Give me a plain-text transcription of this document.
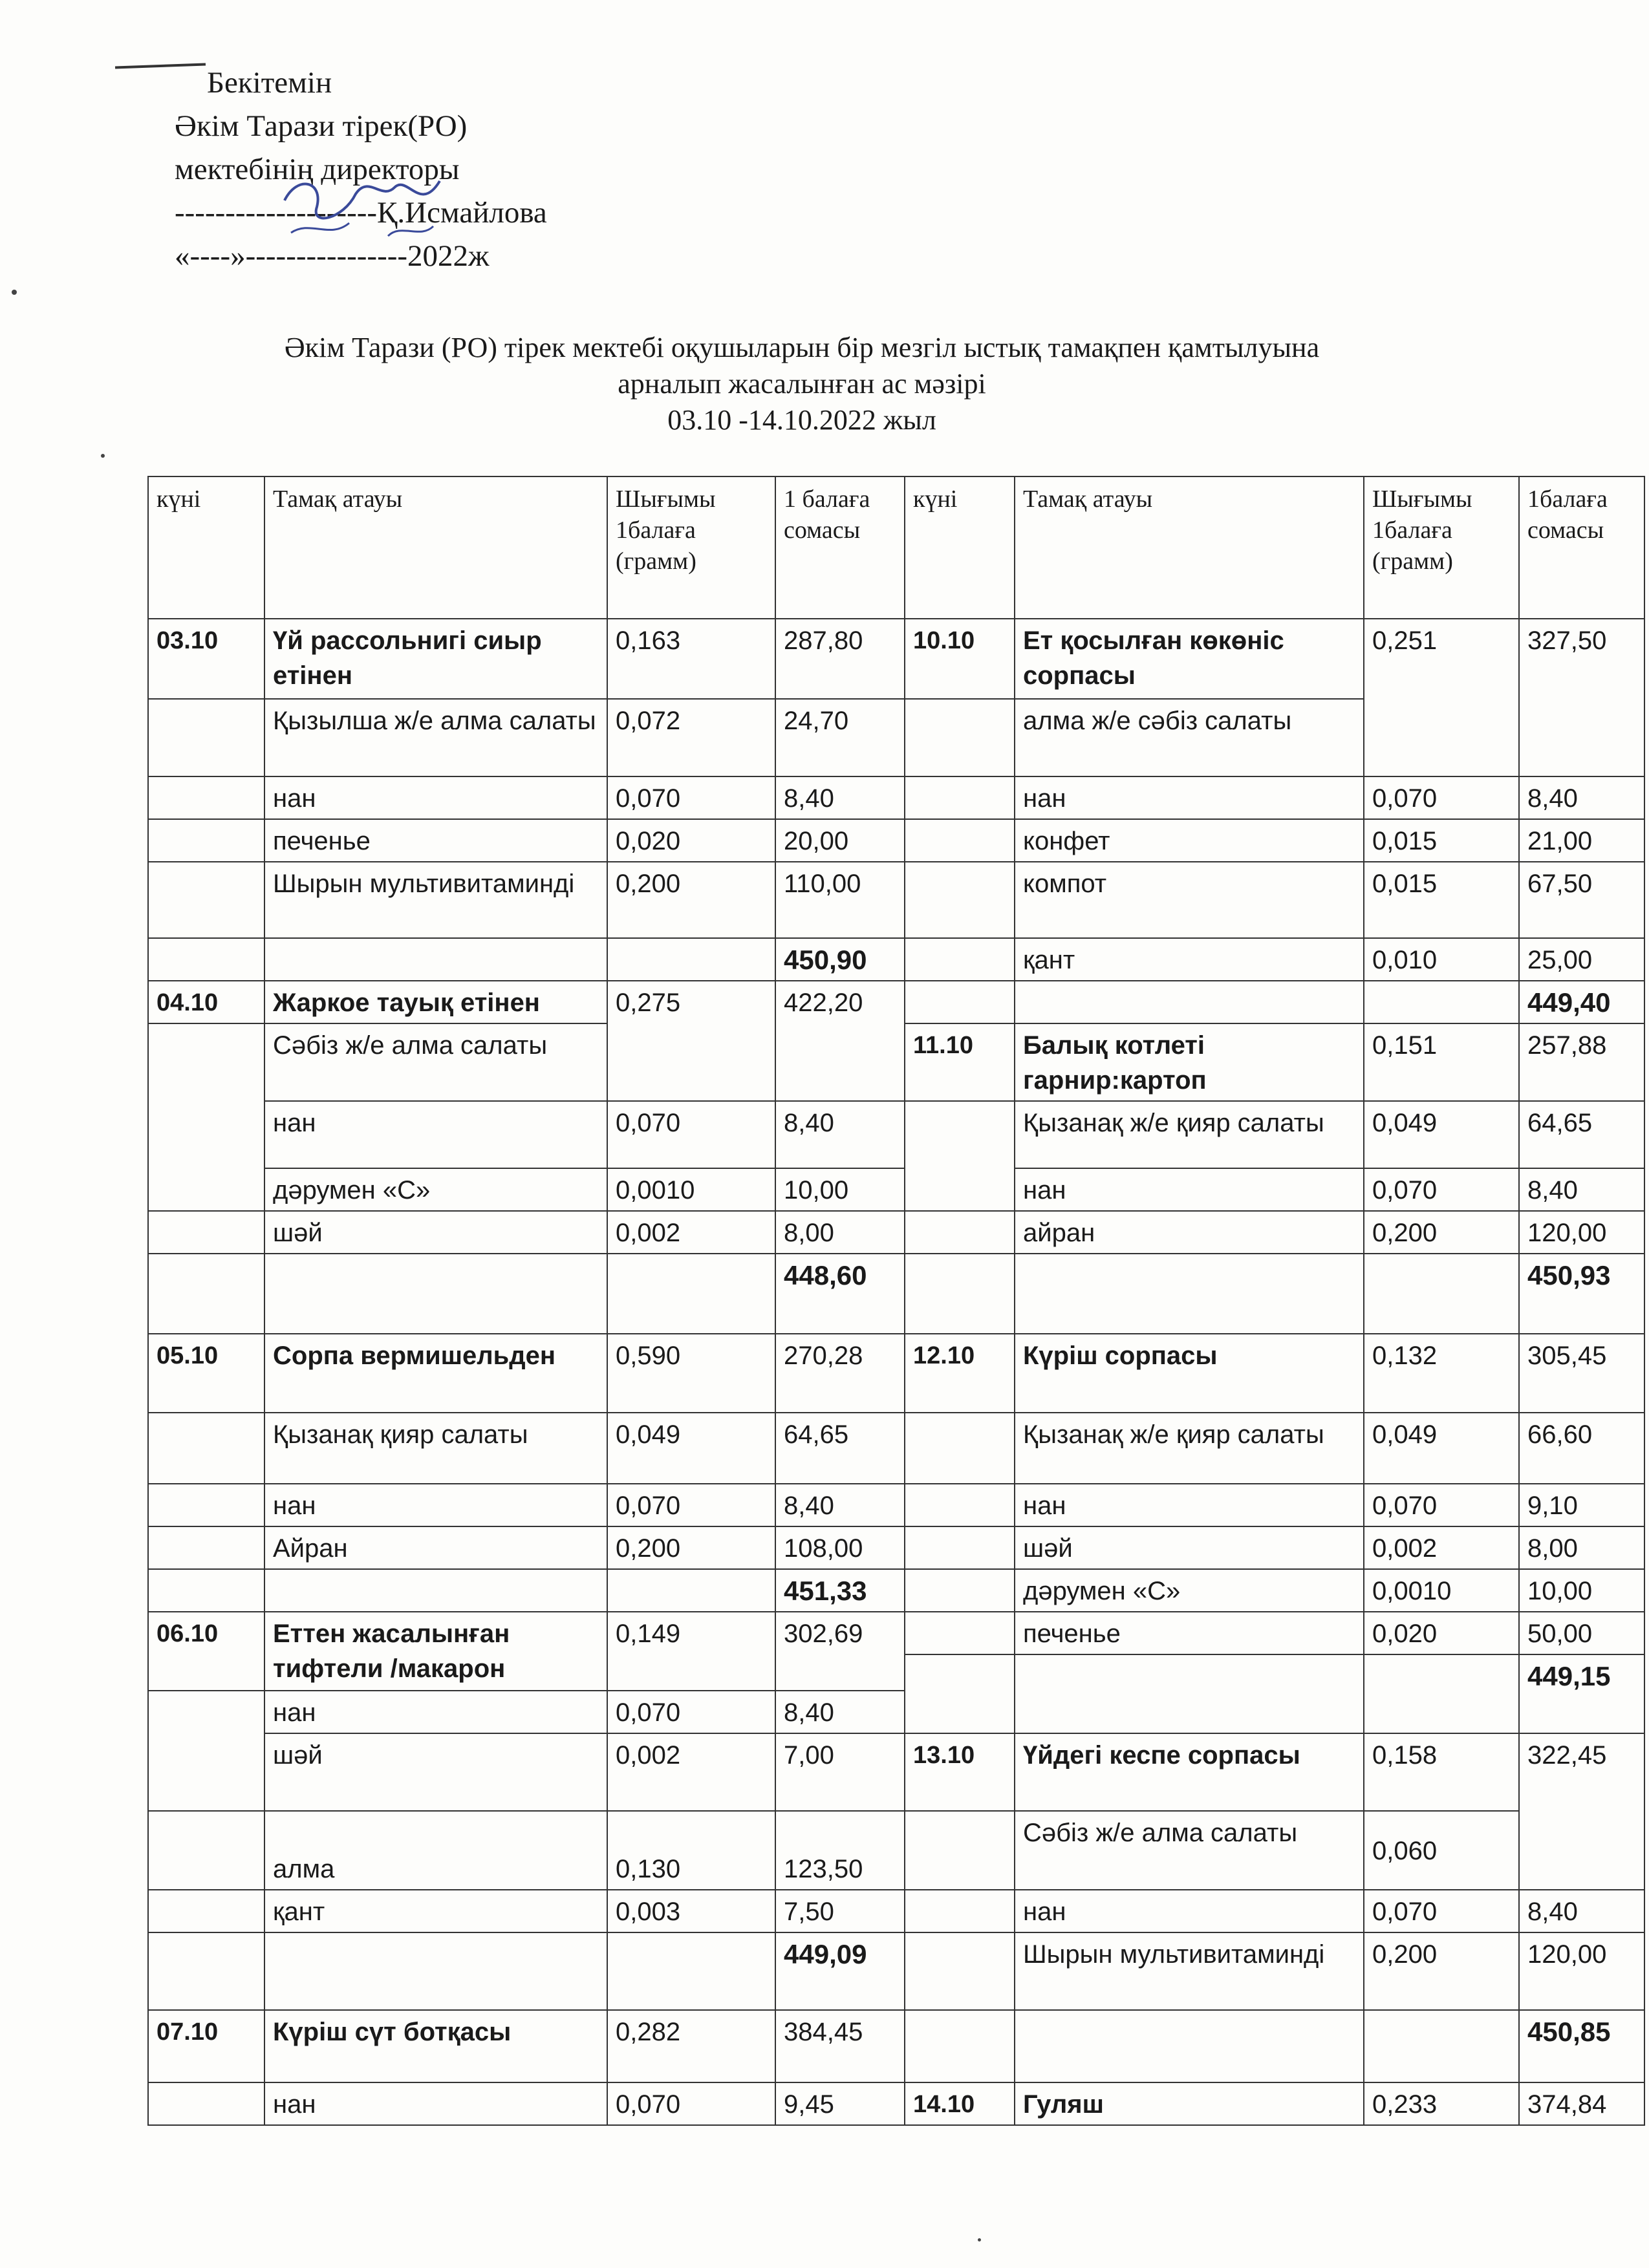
Бекітемін
Әкім Тарази тірек(РО)
мектебінің директоры
--------------------Қ.Исмайлова
«----»----------------2022ж
Әкім Тарази (РО) тірек мектебі оқушыларын бір мезгіл ыстық тамақпен қамтылуына
арналып жасалынған ас мәзірі
03.10 -14.10.2022 жыл
күні	Тамақ атауы	Шығымы 1балаға (грамм)	1 балаға сомасы	күні	Тамақ атауы	Шығымы 1балаға (грамм)	1балаға сомасы
03.10	Үй рассольнигі сиыр етінен	0,163	287,80	10.10	Ет қосылған көкөніс сорпасы	0,251	327,50
	Қызылша ж/е алма салаты	0,072	24,70		алма ж/е сәбіз салаты		
	нан	0,070	8,40		нан	0,070	8,40
	печенье	0,020	20,00		конфет	0,015	21,00
	Шырын мультивитаминді	0,200	110,00		компот	0,015	67,50
			450,90		қант	0,010	25,00
04.10	Жаркое тауық етінен	0,275	422,20				449,40
	Сәбіз ж/е алма салаты			11.10	Балық котлеті гарнир:картоп	0,151	257,88
	нан	0,070	8,40		Қызанақ ж/е қияр салаты	0,049	64,65
	дәрумен «С»	0,0010	10,00		нан	0,070	8,40
	шәй	0,002	8,00		айран	0,200	120,00
			448,60				450,93
05.10	Сорпа вермишельден	0,590	270,28	12.10	Күріш сорпасы	0,132	305,45
	Қызанақ қияр салаты	0,049	64,65		Қызанақ ж/е қияр салаты	0,049	66,60
	нан	0,070	8,40		нан	0,070	9,10
	Айран	0,200	108,00		шәй	0,002	8,00
			451,33		дәрумен «С»	0,0010	10,00
06.10	Еттен жасалынған тифтели /макарон	0,149	302,69		печенье	0,020	50,00
							449,15

	нан	0,070	8,40				
	шәй	0,002	7,00	13.10	Үйдегі кеспе сорпасы	0,158	322,45
	алма	0,130	123,50		Сәбіз ж/е алма салаты	0,060	
	қант	0,003	7,50		нан	0,070	8,40
			449,09		Шырын мультивитаминді	0,200	120,00
07.10	Күріш сүт ботқасы	0,282	384,45				450,85
	нан	0,070	9,45	14.10	Гуляш	0,233	374,84
